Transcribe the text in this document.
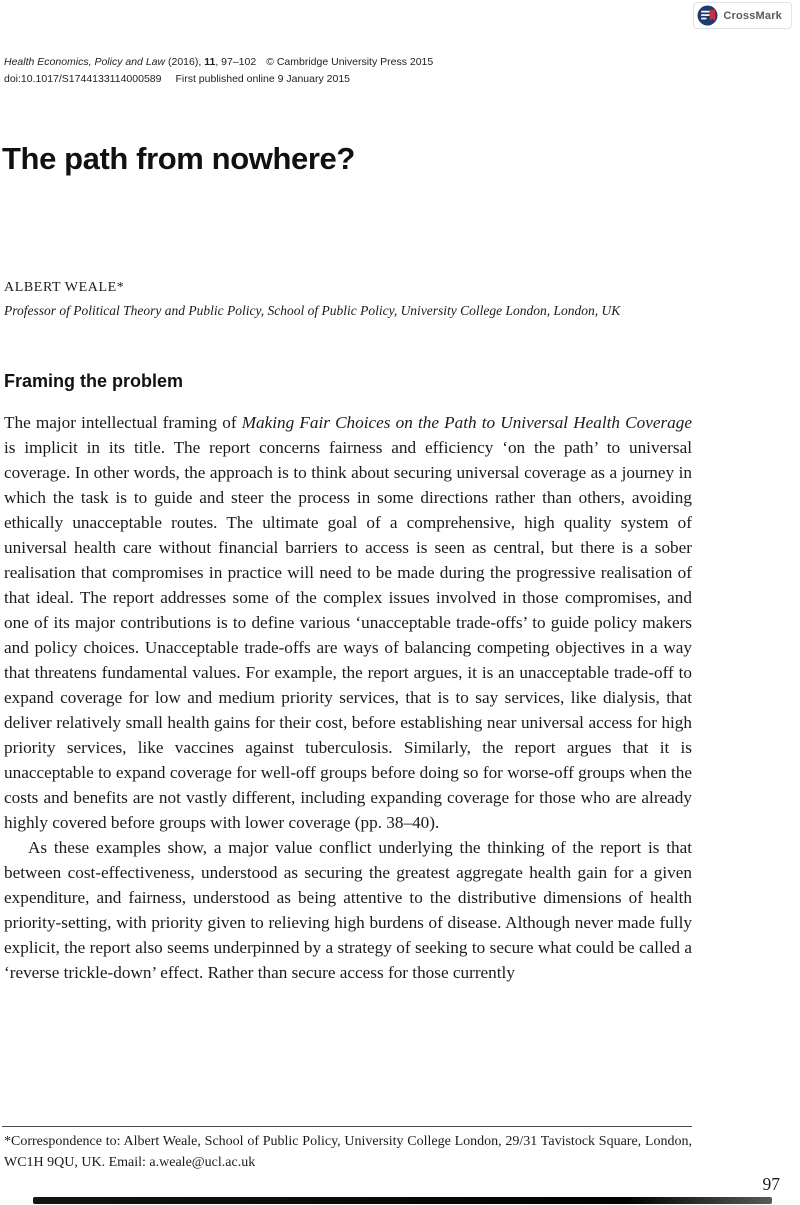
CrossMark
Health Economics, Policy and Law (2016), 11, 97–102 © Cambridge University Press 2015
doi:10.1017/S1744133114000589 First published online 9 January 2015
The path from nowhere?
ALBERT WEALE*
Professor of Political Theory and Public Policy, School of Public Policy, University College London, London, UK
Framing the problem

The major intellectual framing of Making Fair Choices on the Path to Universal Health Coverage is implicit in its title. The report concerns fairness and efficiency ‘on the path’ to universal coverage. In other words, the approach is to think about securing universal coverage as a journey in which the task is to guide and steer the process in some directions rather than others, avoiding ethically unacceptable routes. The ultimate goal of a comprehensive, high quality system of universal health care without financial barriers to access is seen as central, but there is a sober realisation that compromises in practice will need to be made during the progressive realisation of that ideal. The report addresses some of the complex issues involved in those compromises, and one of its major contributions is to define various ‘unacceptable trade-offs’ to guide policy makers and policy choices. Unacceptable trade-offs are ways of balancing competing objectives in a way that threatens fundamental values. For example, the report argues, it is an unacceptable trade-off to expand coverage for low and medium priority services, that is to say services, like dialysis, that deliver relatively small health gains for their cost, before establishing near universal access for high priority services, like vaccines against tuberculosis. Similarly, the report argues that it is unacceptable to expand coverage for well-off groups before doing so for worse-off groups when the costs and benefits are not vastly different, including expanding coverage for those who are already highly covered before groups with lower coverage (pp. 38–40).

As these examples show, a major value conflict underlying the thinking of the report is that between cost-effectiveness, understood as securing the greatest aggregate health gain for a given expenditure, and fairness, understood as being attentive to the distributive dimensions of health priority-setting, with priority given to relieving high burdens of disease. Although never made fully explicit, the report also seems underpinned by a strategy of seeking to secure what could be called a ‘reverse trickle-down’ effect. Rather than secure access for those currently

*Correspondence to: Albert Weale, School of Public Policy, University College London, 29/31 Tavistock Square, London, WC1H 9QU, UK. Email: a.weale@ucl.ac.uk

97
